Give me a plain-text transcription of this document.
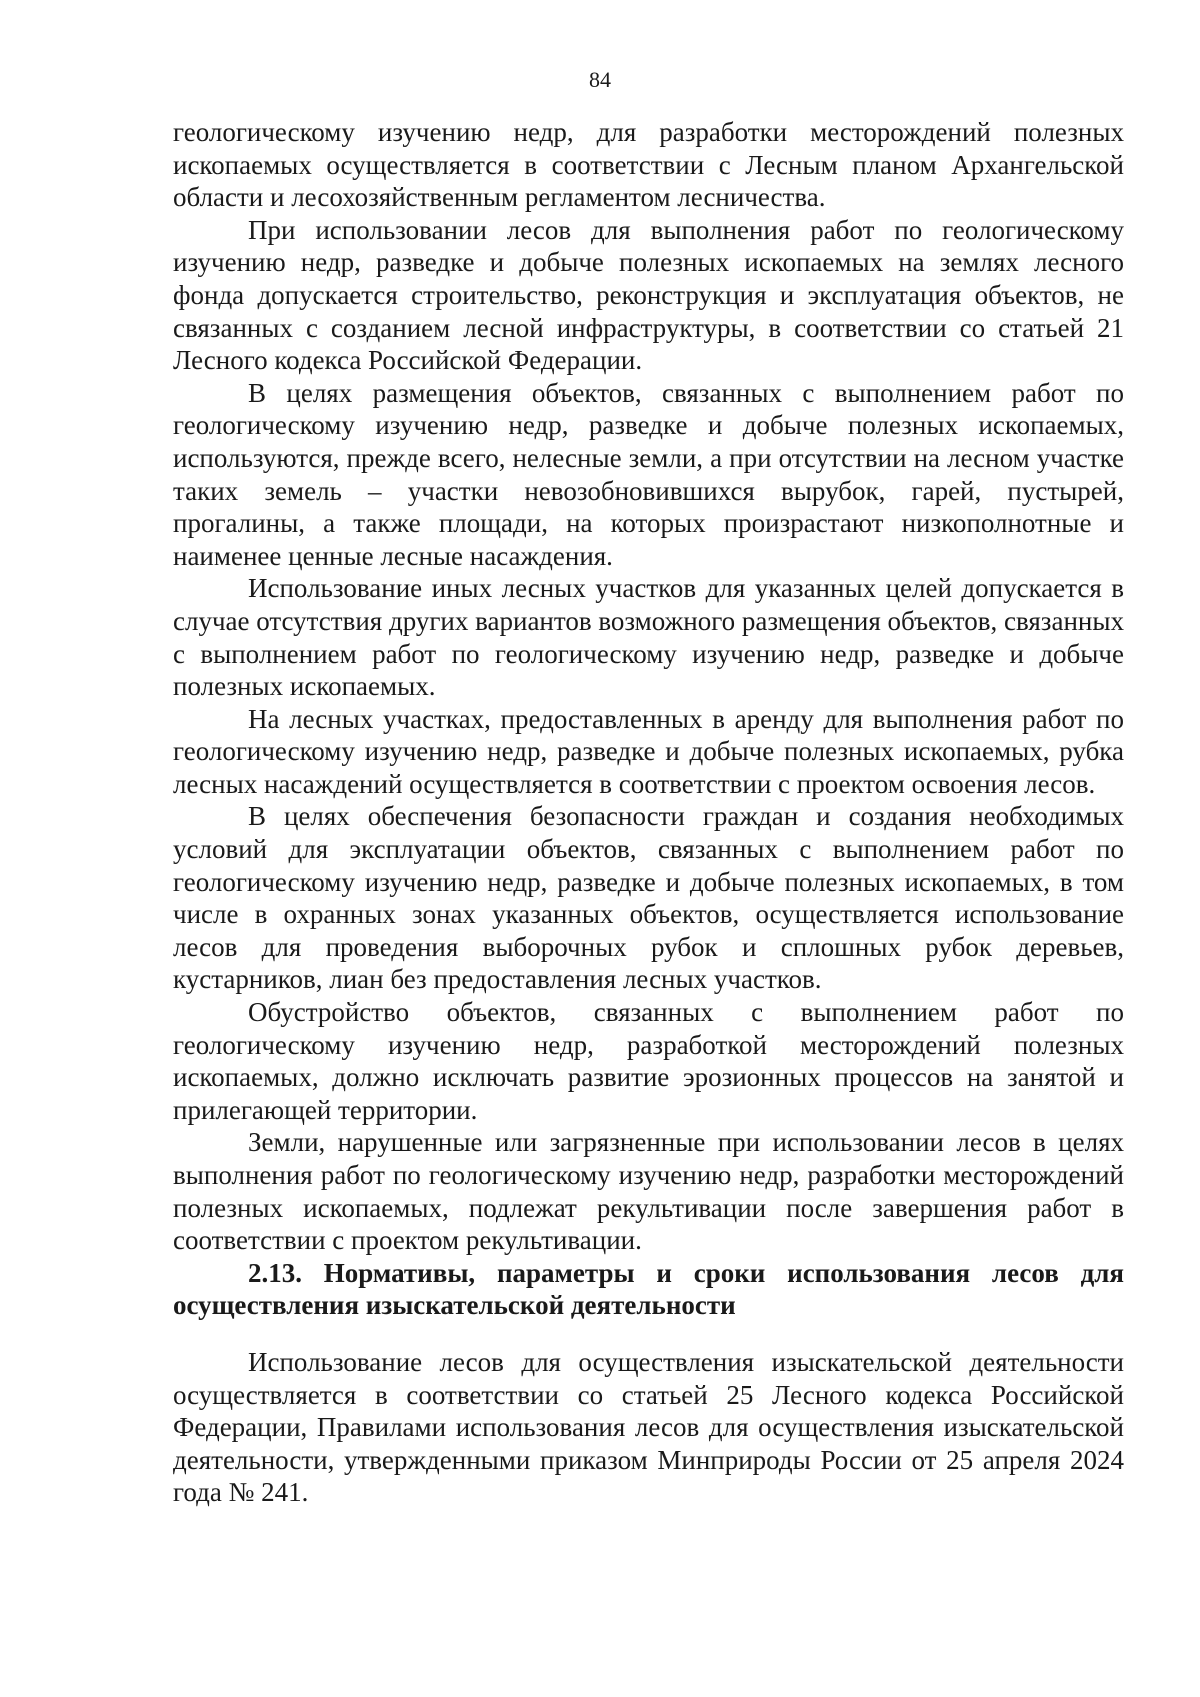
84

геологическому изучению недр, для разработки месторождений полезных ископаемых осуществляется в соответствии с Лесным планом Архангельской области и лесохозяйственным регламентом лесничества.

При использовании лесов для выполнения работ по геологическому изучению недр, разведке и добыче полезных ископаемых на землях лесного фонда допускается строительство, реконструкция и эксплуатация объектов, не связанных с созданием лесной инфраструктуры, в соответствии со статьей 21 Лесного кодекса Российской Федерации.

В целях размещения объектов, связанных с выполнением работ по геологическому изучению недр, разведке и добыче полезных ископаемых, используются, прежде всего, нелесные земли, а при отсутствии на лесном участке таких земель – участки невозобновившихся вырубок, гарей, пустырей, прогалины, а также площади, на которых произрастают низкополнотные и наименее ценные лесные насаждения.

Использование иных лесных участков для указанных целей допускается в случае отсутствия других вариантов возможного размещения объектов, связанных с выполнением работ по геологическому изучению недр, разведке и добыче полезных ископаемых.

На лесных участках, предоставленных в аренду для выполнения работ по геологическому изучению недр, разведке и добыче полезных ископаемых, рубка лесных насаждений осуществляется в соответствии с проектом освоения лесов.

В целях обеспечения безопасности граждан и создания необходимых условий для эксплуатации объектов, связанных с выполнением работ по геологическому изучению недр, разведке и добыче полезных ископаемых, в том числе в охранных зонах указанных объектов, осуществляется использование лесов для проведения выборочных рубок и сплошных рубок деревьев, кустарников, лиан без предоставления лесных участков.

Обустройство объектов, связанных с выполнением работ по геологическому изучению недр, разработкой месторождений полезных ископаемых, должно исключать развитие эрозионных процессов на занятой и прилегающей территории.

Земли, нарушенные или загрязненные при использовании лесов в целях выполнения работ по геологическому изучению недр, разработки месторождений полезных ископаемых, подлежат рекультивации после завершения работ в соответствии с проектом рекультивации.

2.13. Нормативы, параметры и сроки использования лесов для осуществления изыскательской деятельности

Использование лесов для осуществления изыскательской деятельности осуществляется в соответствии со статьей 25 Лесного кодекса Российской Федерации, Правилами использования лесов для осуществления изыскательской деятельности, утвержденными приказом Минприроды России от 25 апреля 2024 года № 241.
